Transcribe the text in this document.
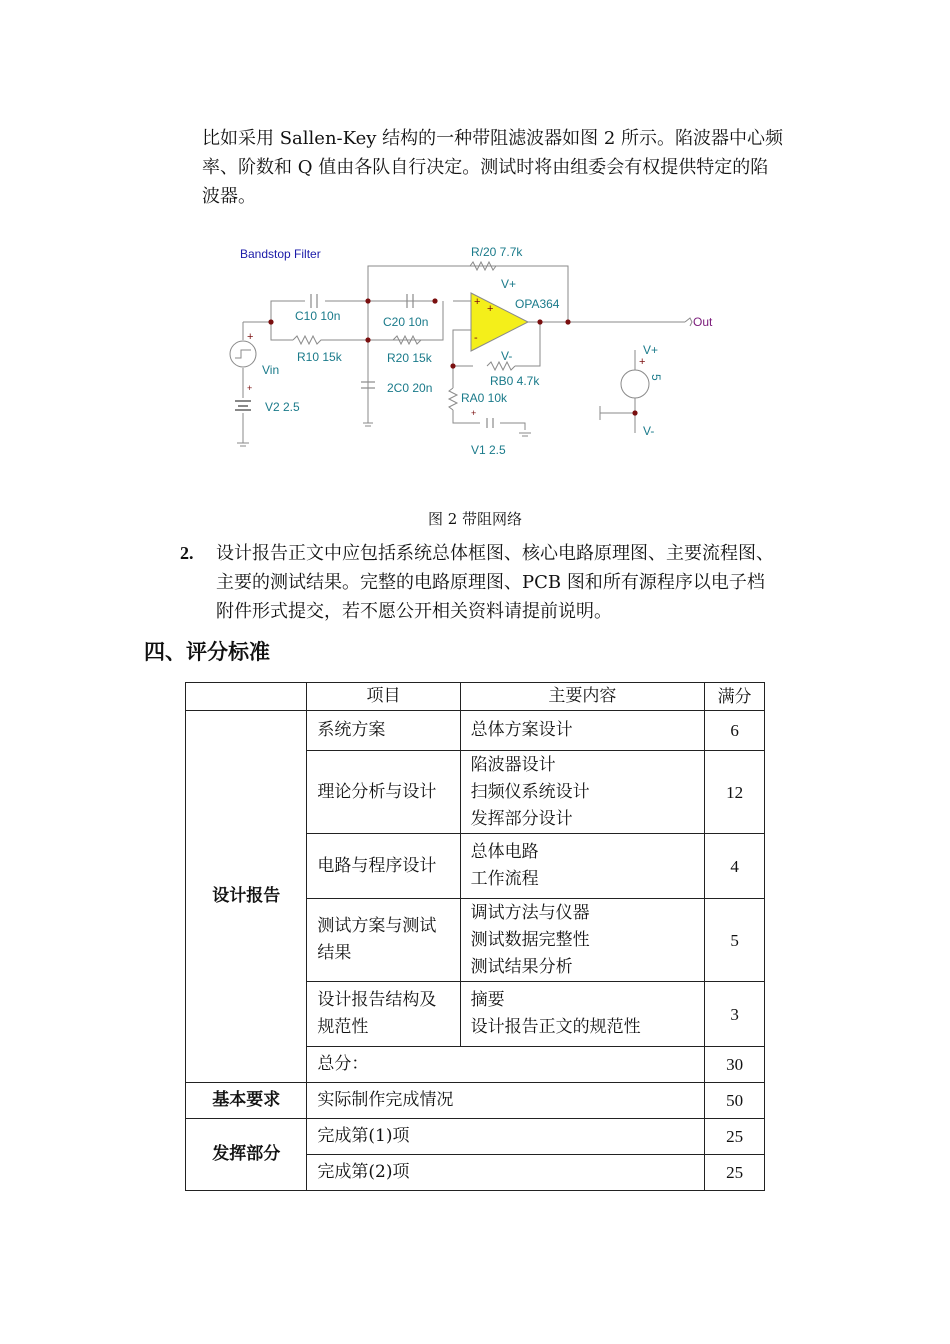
比如采用 Sallen-Key 结构的一种带阻滤波器如图 2 所示。陷波器中心频
率、阶数和 Q 值由各队自行决定。测试时将由组委会有权提供特定的陷
波器。
Bandstop Filter	R/20 7.7k
V+
OPA364
+
+
-
C10 10n	C20 10n
R10 15k	R20 15k
Vin
+
V2 2.5
+	2C0 20n
V-
RB0 4.7k
RA0 10k
+
V1 2.5
Out
V+
+
5
V-
图 2 带阻网络
2. 设计报告正文中应包括系统总体框图、核心电路原理图、主要流程图、
主要的测试结果。完整的电路原理图、PCB 图和所有源程序以电子档
附件形式提交，若不愿公开相关资料请提前说明。
四、评分标准
	项目	主要内容	满分
设计报告	系统方案	总体方案设计	6
	理论分析与设计	陷波器设计
扫频仪系统设计
发挥部分设计	12
	电路与程序设计	总体电路
工作流程	4

	测试方案与测试
结果	调试方法与仪器
测试数据完整性
测试结果分析	5

	设计报告结构及
规范性	摘要
设计报告正文的规范性	3
	总分：		30
基本要求	实际制作完成情况		50
发挥部分	完成第(1)项		25
	完成第(2)项		25
